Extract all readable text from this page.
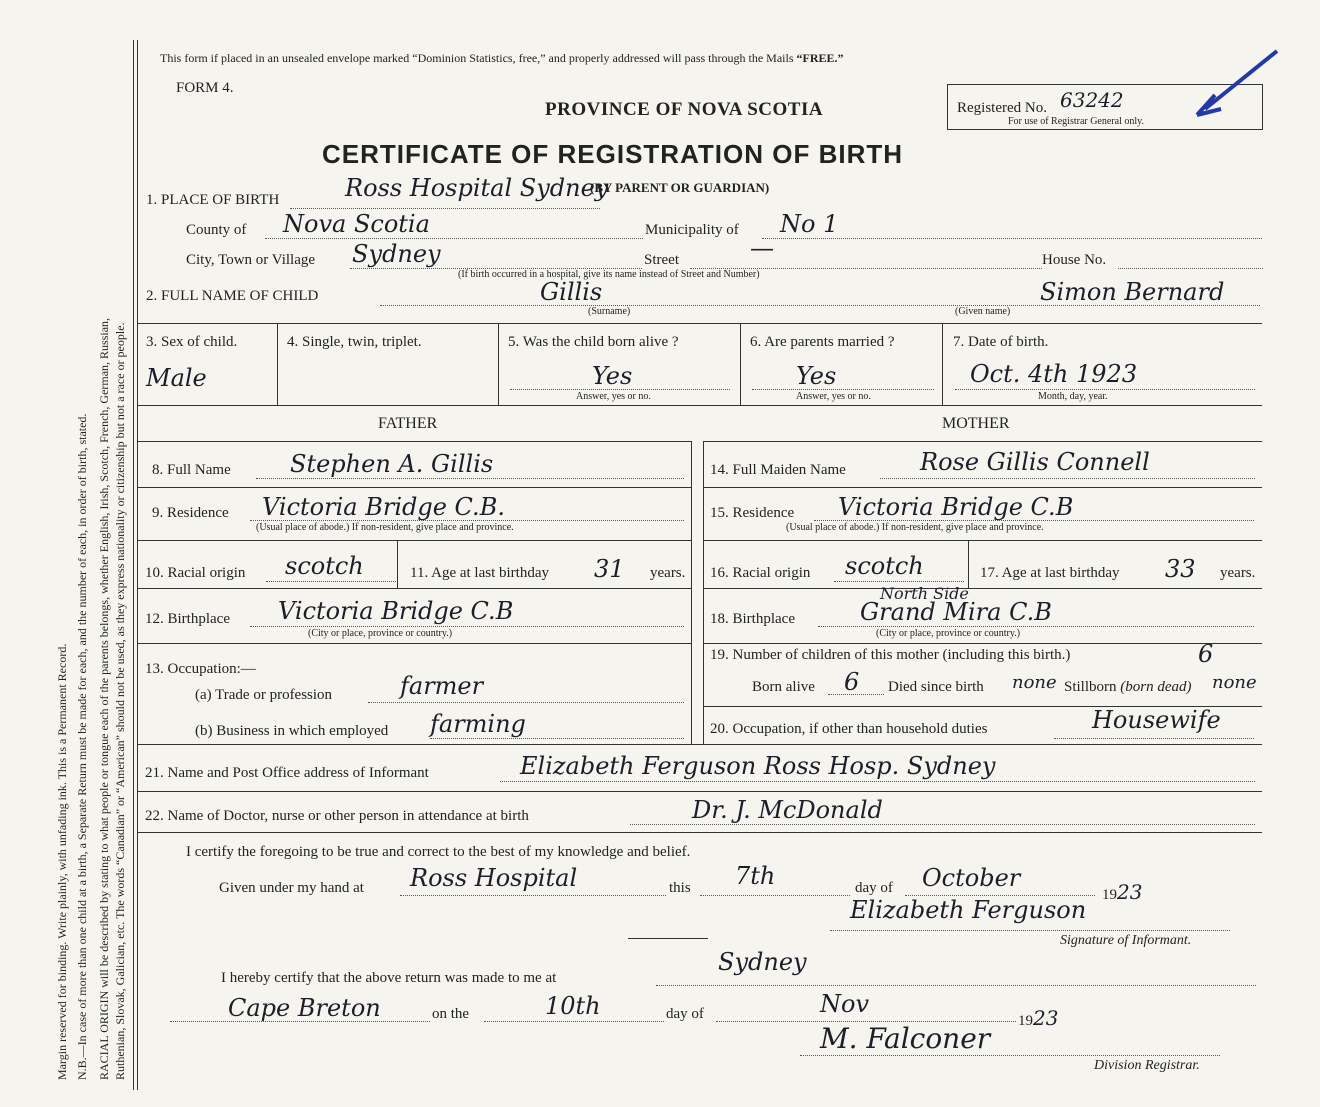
Margin reserved for binding. Write plainly, with unfading ink. This is a Permanent Record. N.B.—In case of more than one child at a birth, a Separate Return must be made for each, and the number of each, in order of birth, stated. RACIAL ORIGIN will be described by stating to what people or tongue each of the parents belongs, whether English, Irish, Scotch, French, German, Russian, Ruthenian, Slovak, Galician, etc. The words “Canadian” or “American” should not be used, as they express nationality or citizenship but not a race or people.
This form if placed in an unsealed envelope marked “Dominion Statistics, free,” and properly addressed will pass through the Mails “FREE.”
FORM 4.
PROVINCE OF NOVA SCOTIA
CERTIFICATE OF REGISTRATION OF BIRTH
(BY PARENT OR GUARDIAN)
Registered No. 63242
For use of Registrar General only.
1. PLACE OF BIRTH	Ross Hospital Sydney
County of Nova Scotia	Municipality of No 1
City, Town or Village Sydney	Street	—	House No.
(If birth occurred in a hospital, give its name instead of Street and Number)
2. FULL NAME OF CHILD	Gillis
(Surname)
Simon Bernard
(Given name)
3. Sex of child.
Male
4. Single, twin, triplet.	5. Was the child born alive ?
Yes
Answer, yes or no.
6. Are parents married ?
Yes
Answer, yes or no.
7. Date of birth.
Oct. 4th 1923
Month, day, year.
FATHER	MOTHER
8. Full Name Stephen A. Gillis
9. Residence Victoria Bridge C.B.
(Usual place of abode.) If non-resident, give place and province.
10. Racial origin scotch	11. Age at last birthday 31 years.
12. Birthplace Victoria Bridge C.B
(City or place, province or country.)
13. Occupation:—
(a) Trade or profession	farmer
(b) Business in which employed farming
14. Full Maiden Name	Rose Gillis Connell
15. Residence Victoria Bridge C.B
(Usual place of abode.) If non-resident, give place and province.
16. Racial origin scotch	17. Age at last birthday 33 years.
North Side
18. Birthplace	Grand Mira C.B
(City or place, province or country.)
19. Number of children of this mother (including this birth.)	6
Born alive 6 Died since birth none Stillborn (born dead) none
20. Occupation, if other than household duties	Housewife
21. Name and Post Office address of Informant	Elizabeth Ferguson Ross Hosp. Sydney
22. Name of Doctor, nurse or other person in attendance at birth	Dr. J. McDonald
I certify the foregoing to be true and correct to the best of my knowledge and belief.
Given under my hand at Ross Hospital	this 7th	day of October
1923
Elizabeth Ferguson
Signature of Informant.
I hereby certify that the above return was made to me at
Sydney
Cape Breton	on the	10th	day of	Nov
1923
M. Falconer
Division Registrar.
